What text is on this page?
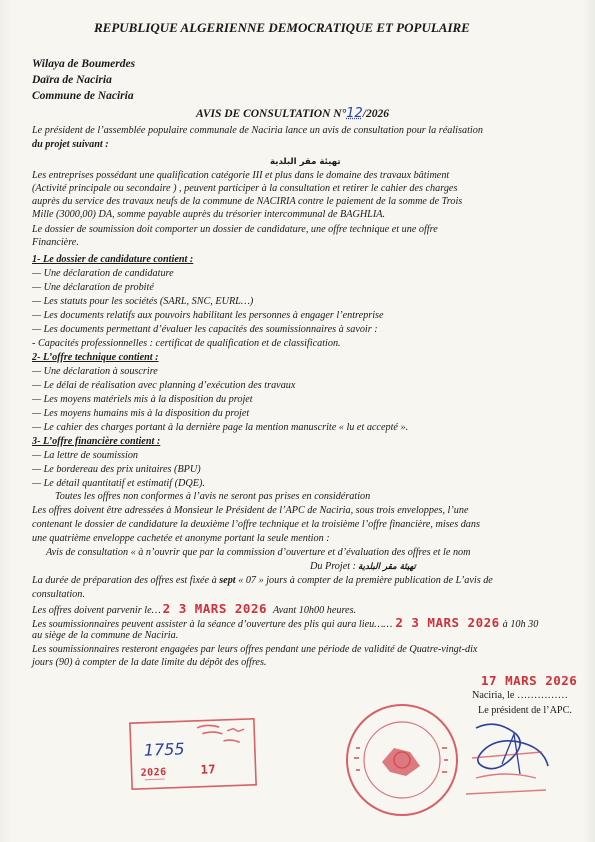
REPUBLIQUE ALGERIENNE DEMOCRATIQUE ET POPULAIRE
Wilaya de Boumerdes
Daïra de Naciria
Commune de Naciria
AVIS DE CONSULTATION N°12/2026
Le président de l’assemblée populaire communale de Naciria lance un avis de consultation pour la réalisation
du projet suivant :
تهيئة مقر البلدية
Les entreprises possédant une qualification catégorie III et plus dans le domaine des travaux bâtiment
(Activité principale ou secondaire ) , peuvent participer à la consultation et retirer le cahier des charges
auprès du service des travaux neufs de la commune de NACIRIA contre le paiement de la somme de Trois
Mille (3000,00) DA, somme payable auprès du trésorier intercommunal de BAGHLIA.
Le dossier de soumission doit comporter un dossier de candidature, une offre technique et une offre
Financière.
1- Le dossier de candidature contient :
— Une déclaration de candidature
— Une déclaration de probité
— Les statuts pour les sociétés (SARL, SNC, EURL…)
— Les documents relatifs aux pouvoirs habilitant les personnes à engager l’entreprise
— Les documents permettant d’évaluer les capacités des soumissionnaires à savoir :
- Capacités professionnelles : certificat de qualification et de classification.
2- L’offre technique contient :
— Une déclaration à souscrire
— Le délai de réalisation avec planning d’exécution des travaux
— Les moyens matériels mis à la disposition du projet
— Les moyens humains mis à la disposition du projet
— Le cahier des charges portant à la dernière page la mention manuscrite « lu et accepté ».
3- L’offre financière contient :
— La lettre de soumission
— Le bordereau des prix unitaires (BPU)
— Le détail quantitatif et estimatif (DQE).
Toutes les offres non conformes à l’avis ne seront pas prises en considération
Les offres doivent être adressées à Monsieur le Président de l’APC de Naciria, sous trois enveloppes, l’une
contenant le dossier de candidature la deuxième l’offre technique et la troisième l’offre financière, mises dans
une quatrième enveloppe cachetée et anonyme portant la seule mention :
Avis de consultation « à n’ouvrir que par la commission d’ouverture et d’évaluation des offres et le nom
Du Projet : تهيئة مقر البلدية
La durée de préparation des offres est fixée à sept « 07 » jours à compter de la première publication de L’avis de
consultation.
Les offres doivent parvenir le… 2 3 MARS 2026 Avant 10h00 heures.
Les soumissionnaires peuvent assister à la séance d’ouverture des plis qui aura lieu…… 2 3 MARS 2026 à 10h 30
au siège de la commune de Naciria.
Les soumissionnaires resteront engagées par leurs offres pendant une période de validité de Quatre-vingt-dix
jours (90) à compter de la date limite du dépôt des offres.
17 MARS 2026
Naciria, le ……………
Le président de l’APC.
1755
2026	17
